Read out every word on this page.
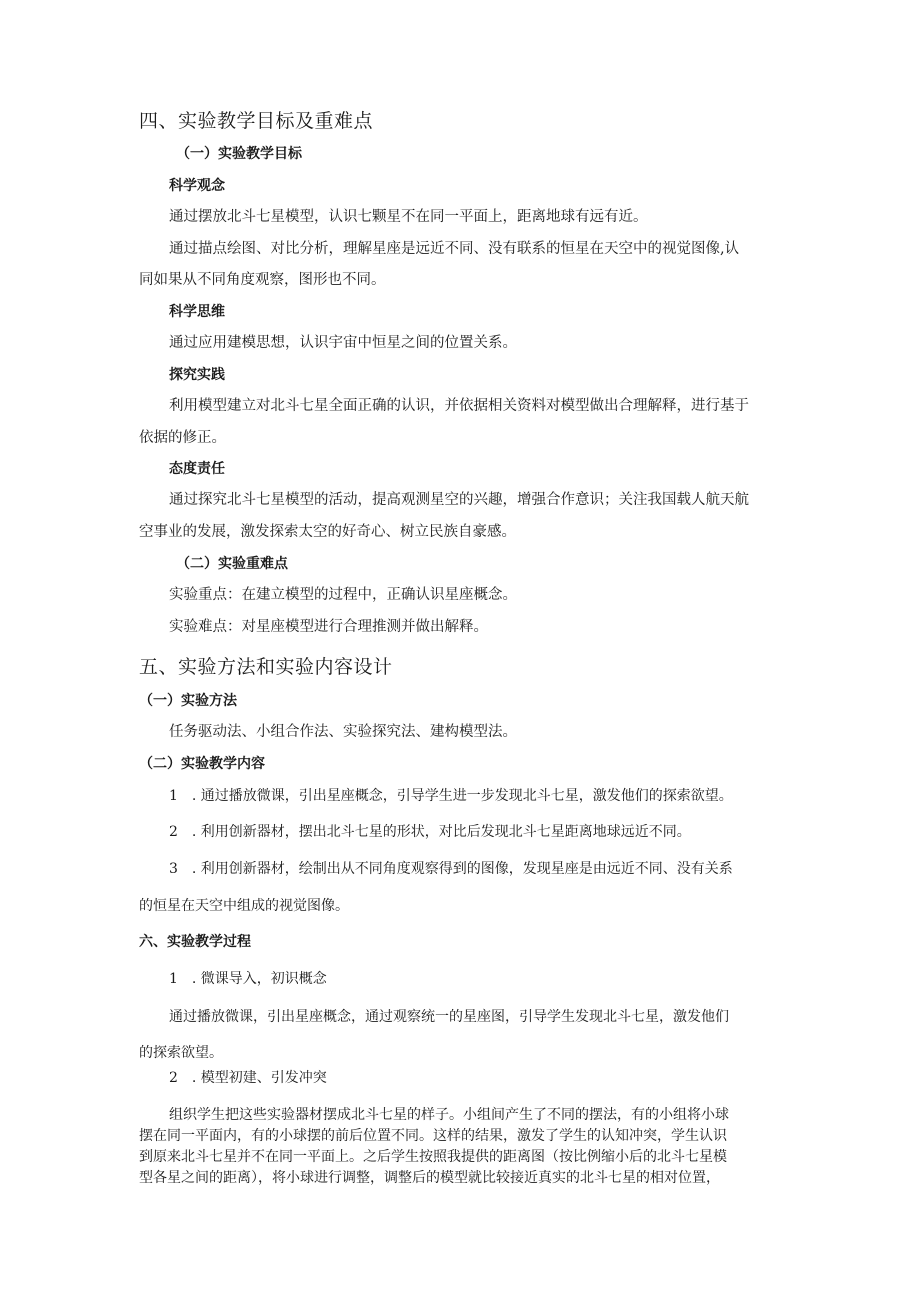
四、实验教学目标及重难点

（一）实验教学目标

科学观念

通过摆放北斗七星模型，认识七颗星不在同一平面上，距离地球有远有近。

通过描点绘图、对比分析，理解星座是远近不同、没有联系的恒星在天空中的视觉图像,认

同如果从不同角度观察，图形也不同。

科学思维

通过应用建模思想，认识宇宙中恒星之间的位置关系。

探究实践

利用模型建立对北斗七星全面正确的认识，并依据相关资料对模型做出合理解释，进行基于

依据的修正。

态度责任

通过探究北斗七星模型的活动，提高观测星空的兴趣，增强合作意识；关注我国载人航天航

空事业的发展，激发探索太空的好奇心、树立民族自豪感。

（二）实验重难点

实验重点：在建立模型的过程中，正确认识星座概念。

实验难点：对星座模型进行合理推测并做出解释。

五、实验方法和实验内容设计

（一）实验方法

任务驱动法、小组合作法、实验探究法、建构模型法。

（二）实验教学内容

1　. 通过播放微课，引出星座概念，引导学生进一步发现北斗七星，激发他们的探索欲望。

2　. 利用创新器材，摆出北斗七星的形状，对比后发现北斗七星距离地球远近不同。

3　. 利用创新器材，绘制出从不同角度观察得到的图像，发现星座是由远近不同、没有关系

的恒星在天空中组成的视觉图像。

六、实验教学过程

1　. 微课导入，初识概念

通过播放微课，引出星座概念，通过观察统一的星座图，引导学生发现北斗七星，激发他们

的探索欲望。

2　. 模型初建、引发冲突

组织学生把这些实验器材摆成北斗七星的样子。小组间产生了不同的摆法，有的小组将小球

摆在同一平面内，有的小球摆的前后位置不同。这样的结果，激发了学生的认知冲突，学生认识

到原来北斗七星并不在同一平面上。之后学生按照我提供的距离图（按比例缩小后的北斗七星模

型各星之间的距离），将小球进行调整，调整后的模型就比较接近真实的北斗七星的相对位置，
